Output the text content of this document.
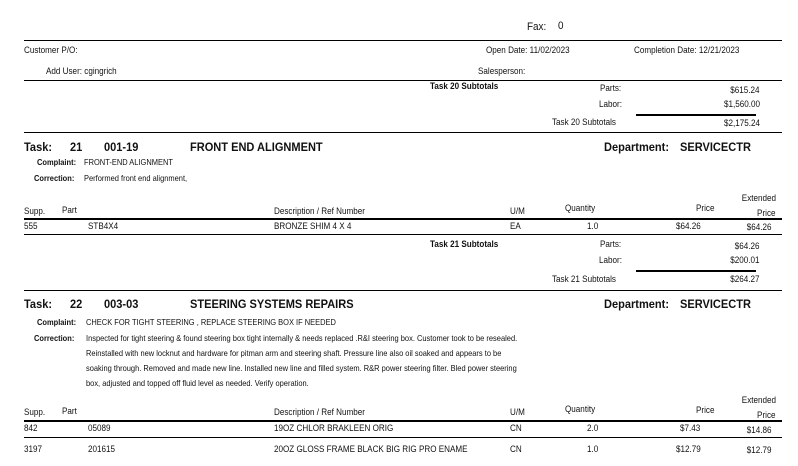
Fax: 0
Customer P/O:	Open Date: 11/02/2023	Completion Date: 12/21/2023
Add User: cgingrich	Salesperson:
Task 20 Subtotals	Parts:	$615.24
Labor:	$1,560.00
Task 20 Subtotals	$2,175.24
Task: 21 001-19	FRONT END ALIGNMENT	Department: SERVICECTR
Complaint: FRONT-END ALIGNMENT
Correction: Performed front end alignment,
Supp. Part	Description / Ref Number	U/M	Quantity	Price
Extended
Price
555	STB4X4	BRONZE SHIM 4 X 4	EA	1.0	$64.26	$64.26
Task 21 Subtotals	Parts:	$64.26
Labor:	$200.01
Task 21 Subtotals	$264.27
Task: 22 003-03	STEERING SYSTEMS REPAIRS	Department: SERVICECTR
Complaint: CHECK FOR TIGHT STEERING , REPLACE STEERING BOX IF NEEDED
Correction: Inspected for tight steering & found steering box tight internally & needs replaced .R&I steering box. Customer took to be resealed.
Reinstalled with new locknut and hardware for pitman arm and steering shaft. Pressure line also oil soaked and appears to be
soaking through. Removed and made new line. Installed new line and filled system. R&R power steering filter. Bled power steering
box, adjusted and topped off fluid level as needed. Verify operation.
Supp. Part	Description / Ref Number	U/M	Quantity	Price
Extended
Price
842	05089	19OZ CHLOR BRAKLEEN ORIG	CN	2.0	$7.43	$14.86
3197	201615	20OZ GLOSS FRAME BLACK BIG RIG PRO ENAME	CN	1.0	$12.79	$12.79
